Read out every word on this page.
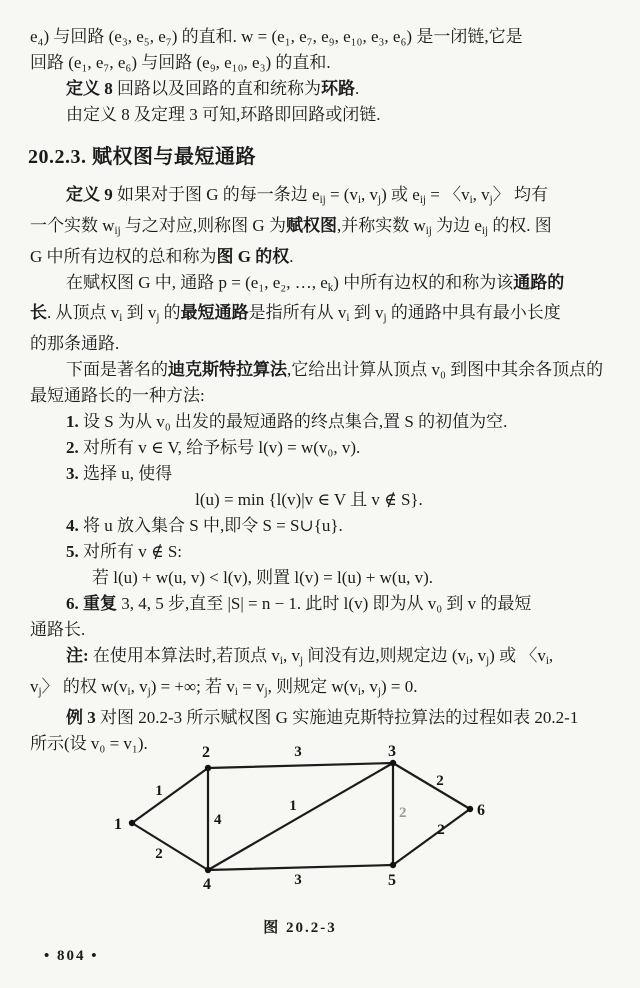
e₄) 与回路 (e₃, e₅, e₇) 的直和. w = (e₁, e₇, e₉, e₁₀, e₃, e₆) 是一闭链,它是
回路 (e₁, e₇, e₆) 与回路 (e₉, e₁₀, e₃) 的直和.
定义 8 回路以及回路的直和统称为环路.
由定义 8 及定理 3 可知,环路即回路或闭链.
20.2.3. 赋权图与最短通路
定义 9 如果对于图 G 的每一条边 $e_{ij} = (v_i$, $v_j$) 或 $e_{ij}$ = 〈$v_i$, $v_j$〉 均有
一个实数 $w_{ij}$ 与之对应,则称图 G 为赋权图,并称实数 $w_{ij}$ 为边 $e_{ij}$ 的权. 图
G 中所有边权的总和称为图 G 的权.
在赋权图 G 中, 通路 p = (e₁, e₂, …, $e_k$) 中所有边权的和称为该通路的
长. 从顶点 $v_i$ 到 $v_j$ 的最短通路是指所有从 $v_i$ 到 $v_j$ 的通路中具有最小长度
的那条通路.
下面是著名的迪克斯特拉算法,它给出计算从顶点 v₀ 到图中其余各顶点的
最短通路长的一种方法:
1. 设 S 为从 v₀ 出发的最短通路的终点集合,置 S 的初值为空.
2. 对所有 v ∈ V, 给予标号 l(v) = w(v₀, v).
3. 选择 u, 使得
l(u) = min {l(v)|v ∈ V 且 v ∉ S}.
4. 将 u 放入集合 S 中,即令 S = S∪{u}.
5. 对所有 v ∉ S:
若 l(u) + w(u, v) < l(v), 则置 l(v) = l(u) + w(u, v).
6. 重复 3, 4, 5 步,直至 |S| = n − 1. 此时 l(v) 即为从 v₀ 到 v 的最短
通路长.
注: 在使用本算法时,若顶点 $v_i$, $v_j$ 间没有边,则规定边 ($v_i$, $v_j$) 或 〈$v_i$,
$v_j$〉 的权 $w(v_i$, $v_j$) = +∞; 若 $v_i = v_j$, 则规定 $w(v_i$, $v_j) = 0$.
例 3 对图 20.2-3 所示赋权图 G 实施迪克斯特拉算法的过程如表 20.2-1
所示(设 v₀ = v₁).
1
2	3
4	5
6
1
2
3
4
1	2
2
3
2
图 20.2-3
• 804 •
